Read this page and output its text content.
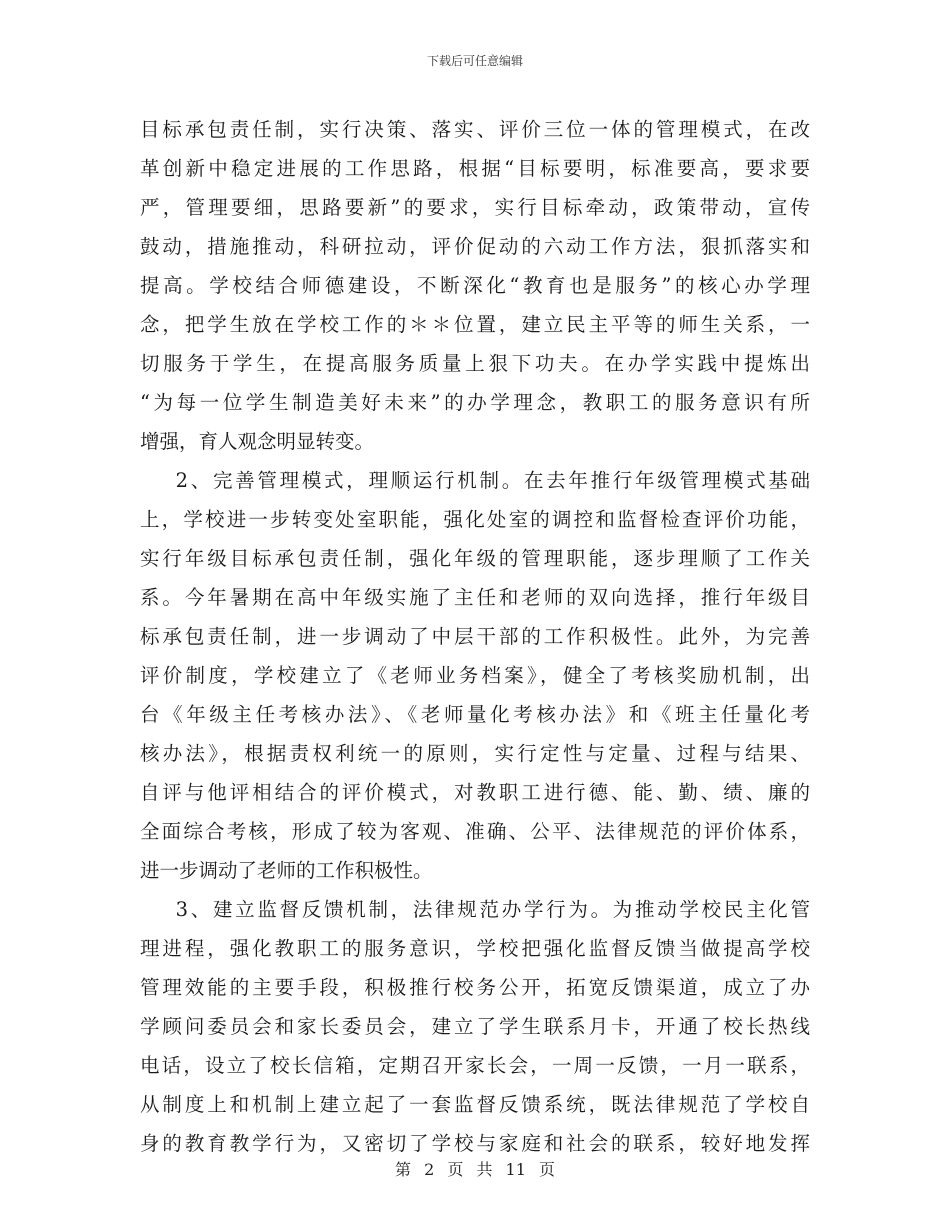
下载后可任意编辑
目标承包责任制，实行决策、落实、评价三位一体的管理模式，在改
革创新中稳定进展的工作思路，根据“目标要明，标准要高，要求要
严，管理要细，思路要新”的要求，实行目标牵动，政策带动，宣传
鼓动，措施推动，科研拉动，评价促动的六动工作方法，狠抓落实和
提高。学校结合师德建设，不断深化“教育也是服务”的核心办学理
念，把学生放在学校工作的＊＊位置，建立民主平等的师生关系，一
切服务于学生，在提高服务质量上狠下功夫。在办学实践中提炼出
“为每一位学生制造美好未来”的办学理念，教职工的服务意识有所
增强，育人观念明显转变。
2、完善管理模式，理顺运行机制。在去年推行年级管理模式基础
上，学校进一步转变处室职能，强化处室的调控和监督检查评价功能，
实行年级目标承包责任制，强化年级的管理职能，逐步理顺了工作关
系。今年暑期在高中年级实施了主任和老师的双向选择，推行年级目
标承包责任制，进一步调动了中层干部的工作积极性。此外，为完善
评价制度，学校建立了《老师业务档案》，健全了考核奖励机制，出
台《年级主任考核办法》、《老师量化考核办法》和《班主任量化考
核办法》，根据责权利统一的原则，实行定性与定量、过程与结果、
自评与他评相结合的评价模式，对教职工进行德、能、勤、绩、廉的
全面综合考核，形成了较为客观、准确、公平、法律规范的评价体系，
进一步调动了老师的工作积极性。
3、建立监督反馈机制，法律规范办学行为。为推动学校民主化管
理进程，强化教职工的服务意识，学校把强化监督反馈当做提高学校
管理效能的主要手段，积极推行校务公开，拓宽反馈渠道，成立了办
学顾问委员会和家长委员会，建立了学生联系月卡，开通了校长热线
电话，设立了校长信箱，定期召开家长会，一周一反馈，一月一联系，
从制度上和机制上建立起了一套监督反馈系统，既法律规范了学校自
身的教育教学行为，又密切了学校与家庭和社会的联系，较好地发挥
第 2 页 共 11 页
